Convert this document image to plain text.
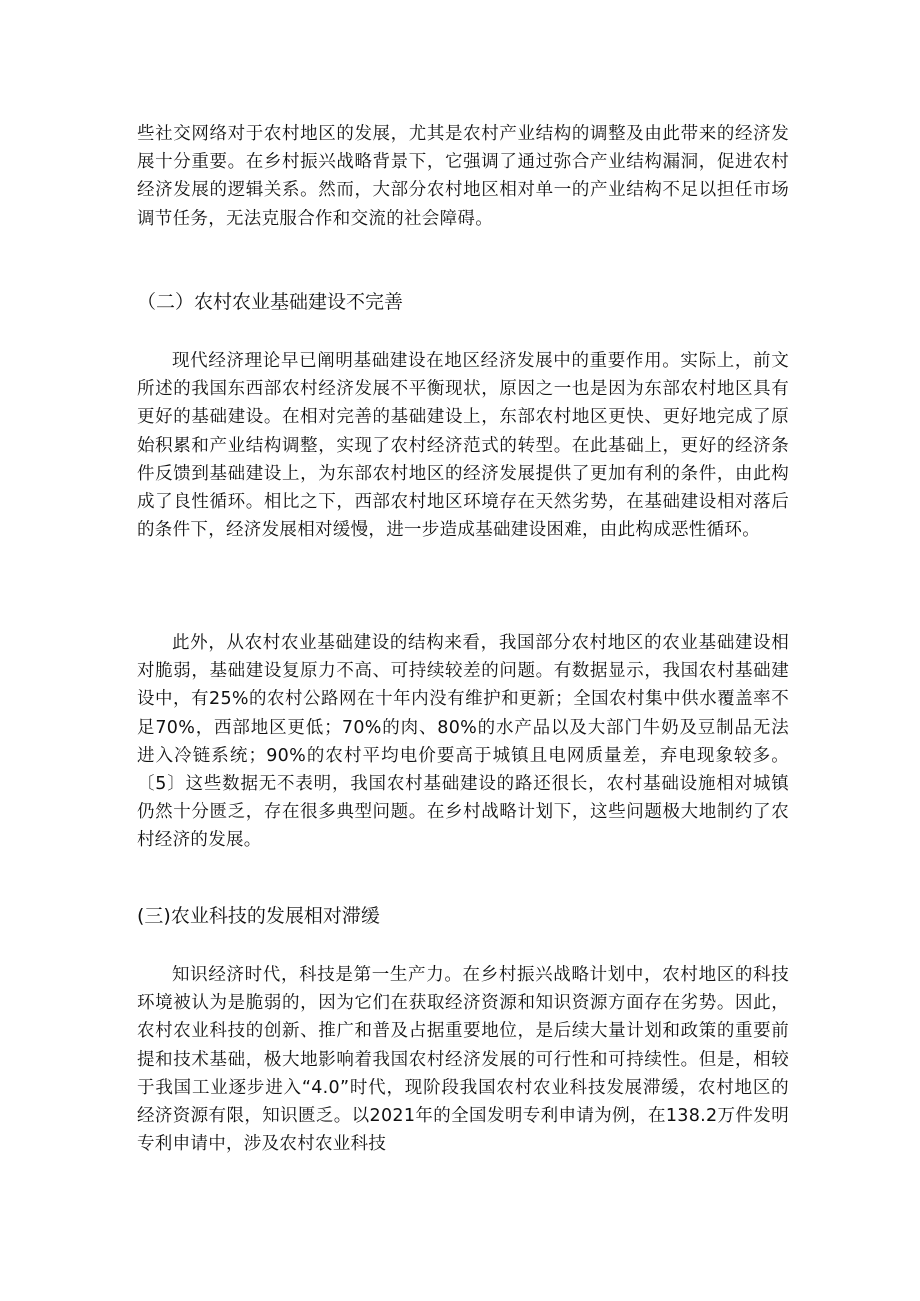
些社交网络对于农村地区的发展，尤其是农村产业结构的调整及由此带来的经济发展十分重要。在乡村振兴战略背景下，它强调了通过弥合产业结构漏洞，促进农村经济发展的逻辑关系。然而，大部分农村地区相对单一的产业结构不足以担任市场调节任务，无法克服合作和交流的社会障碍。

（二）农村农业基础建设不完善

现代经济理论早已阐明基础建设在地区经济发展中的重要作用。实际上，前文所述的我国东西部农村经济发展不平衡现状，原因之一也是因为东部农村地区具有更好的基础建设。在相对完善的基础建设上，东部农村地区更快、更好地完成了原始积累和产业结构调整，实现了农村经济范式的转型。在此基础上，更好的经济条件反馈到基础建设上，为东部农村地区的经济发展提供了更加有利的条件，由此构成了良性循环。相比之下，西部农村地区环境存在天然劣势，在基础建设相对落后的条件下，经济发展相对缓慢，进一步造成基础建设困难，由此构成恶性循环。

此外，从农村农业基础建设的结构来看，我国部分农村地区的农业基础建设相对脆弱，基础建设复原力不高、可持续较差的问题。有数据显示，我国农村基础建设中，有25%的农村公路网在十年内没有维护和更新；全国农村集中供水覆盖率不足70%，西部地区更低；70%的肉、80%的水产品以及大部门牛奶及豆制品无法进入冷链系统；90%的农村平均电价要高于城镇且电网质量差，弃电现象较多。〔5〕这些数据无不表明，我国农村基础建设的路还很长，农村基础设施相对城镇仍然十分匮乏，存在很多典型问题。在乡村战略计划下，这些问题极大地制约了农村经济的发展。

(三)农业科技的发展相对滞缓

知识经济时代，科技是第一生产力。在乡村振兴战略计划中，农村地区的科技环境被认为是脆弱的，因为它们在获取经济资源和知识资源方面存在劣势。因此，农村农业科技的创新、推广和普及占据重要地位，是后续大量计划和政策的重要前提和技术基础，极大地影响着我国农村经济发展的可行性和可持续性。但是，相较于我国工业逐步进入“4.0”时代，现阶段我国农村农业科技发展滞缓，农村地区的经济资源有限，知识匮乏。以2021年的全国发明专利申请为例，在138.2万件发明专利申请中，涉及农村农业科技
